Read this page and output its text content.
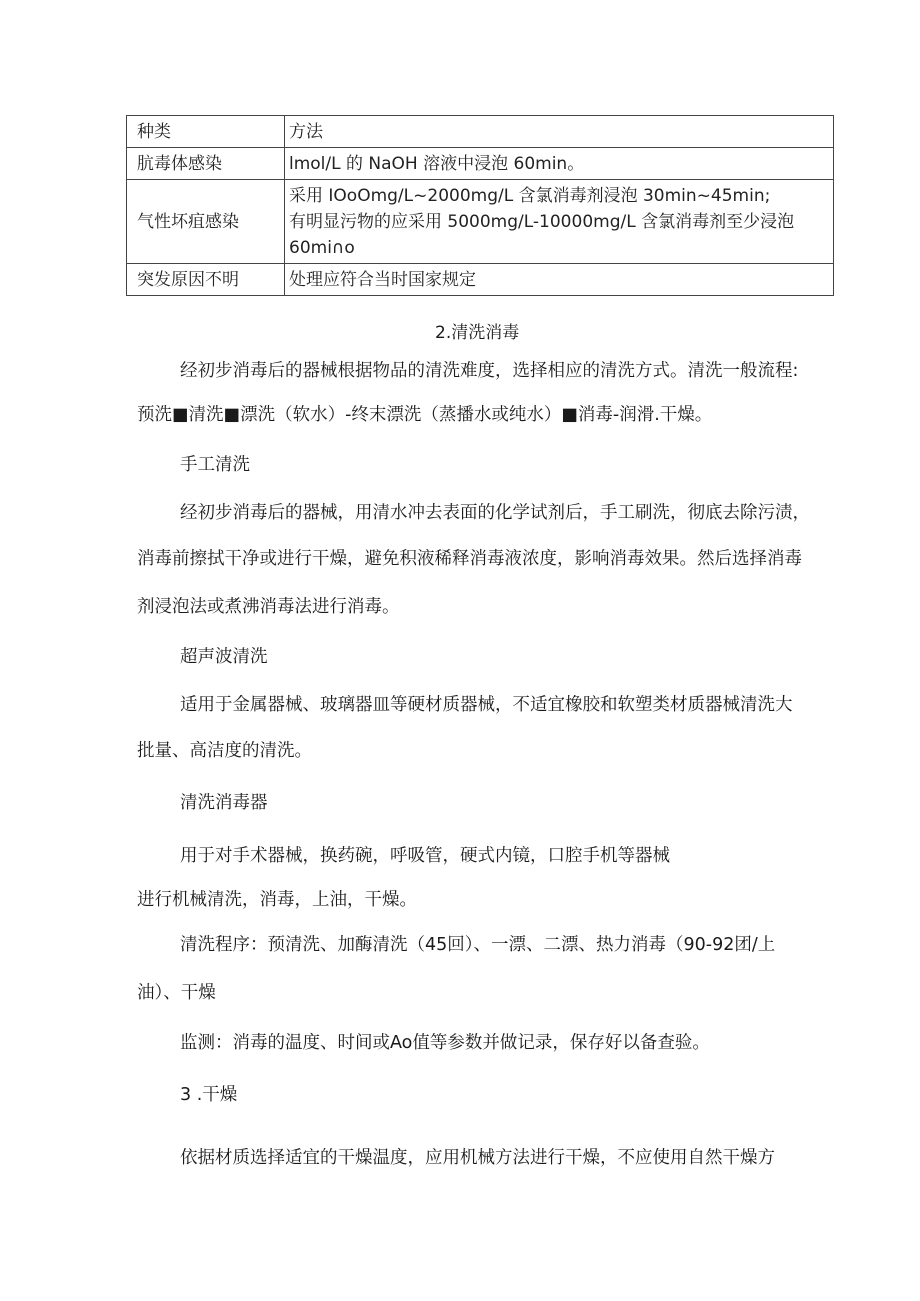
种类	方法
肮毒体感染	lmol/L 的 NaOH 溶液中浸泡 60min。

气性坏疽感染	采用 IOoOmg/L~2000mg/L 含氯消毒剂浸泡 30min~45min;
有明显污物的应采用 5000mg/L-10000mg/L 含氯消毒剂至少浸泡
60mi∩o

突发原因不明	处理应符合当时国家规定
2.清洗消毒
经初步消毒后的器械根据物品的清洗难度，选择相应的清洗方式。清洗一般流程:
预洗■清洗■漂洗（软水）-终末漂洗（蒸播水或纯水）■消毒-润滑.干燥。
手工清洗
经初步消毒后的器械，用清水冲去表面的化学试剂后，手工刷洗，彻底去除污渍，
消毒前擦拭干净或进行干燥，避免积液稀释消毒液浓度，影响消毒效果。然后选择消毒
剂浸泡法或煮沸消毒法进行消毒。
超声波清洗
适用于金属器械、玻璃器皿等硬材质器械，不适宜橡胶和软塑类材质器械清洗大
批量、高洁度的清洗。
清洗消毒器
用于对手术器械，换药碗，呼吸管，硬式内镜，口腔手机等器械
进行机械清洗，消毒，上油，干燥。
清洗程序：预清洗、加酶清洗（45回）、一漂、二漂、热力消毒（90-92团/上
油）、干燥
监测：消毒的温度、时间或Ao值等参数并做记录，保存好以备查验。
3 .干燥
依据材质选择适宜的干燥温度，应用机械方法进行干燥，不应使用自然干燥方
